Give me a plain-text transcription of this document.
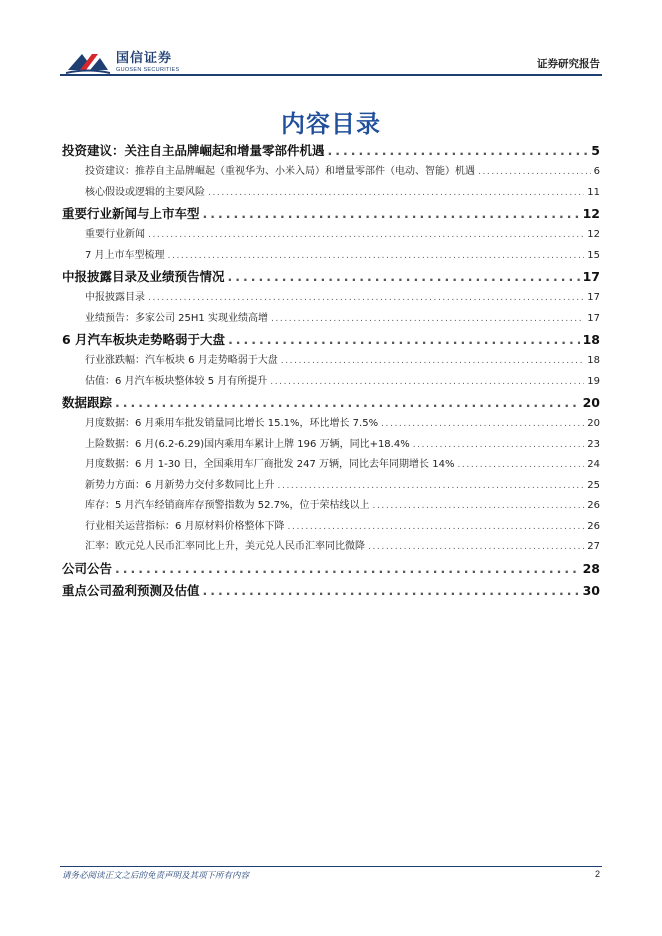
国信证券
GUOSEN SECURITIES	证券研究报告
内容目录
投资建议：关注自主品牌崛起和增量零部件机遇 .....	5
投资建议：推荐自主品牌崛起（重视华为、小米入局）和增量零部件（电动、智能）机遇 .....	6
核心假设或逻辑的主要风险 .....	11
重要行业新闻与上市车型 .....	12
重要行业新闻 .....	12
7 月上市车型梳理 .....	15
中报披露目录及业绩预告情况 .....	17
中报披露目录 .....	17
业绩预告：多家公司 25H1 实现业绩高增 .....	17
6 月汽车板块走势略弱于大盘 .....	18
行业涨跌幅：汽车板块 6 月走势略弱于大盘 .....	18
估值：6 月汽车板块整体较 5 月有所提升 .....	19
数据跟踪 .....	20
月度数据：6 月乘用车批发销量同比增长 15.1%，环比增长 7.5% .....	20
上险数据：6 月(6.2-6.29)国内乘用车累计上牌 196 万辆，同比+18.4% .....	23
月度数据：6 月 1-30 日，全国乘用车厂商批发 247 万辆，同比去年同期增长 14% .....	24
新势力方面：6 月新势力交付多数同比上升 .....	25
库存：5 月汽车经销商库存预警指数为 52.7%，位于荣枯线以上 .....	26
行业相关运营指标：6 月原材料价格整体下降 .....	26
汇率：欧元兑人民币汇率同比上升，美元兑人民币汇率同比微降 .....	27
公司公告 .....	28
重点公司盈利预测及估值 .....	30
请务必阅读正文之后的免责声明及其项下所有内容	2
